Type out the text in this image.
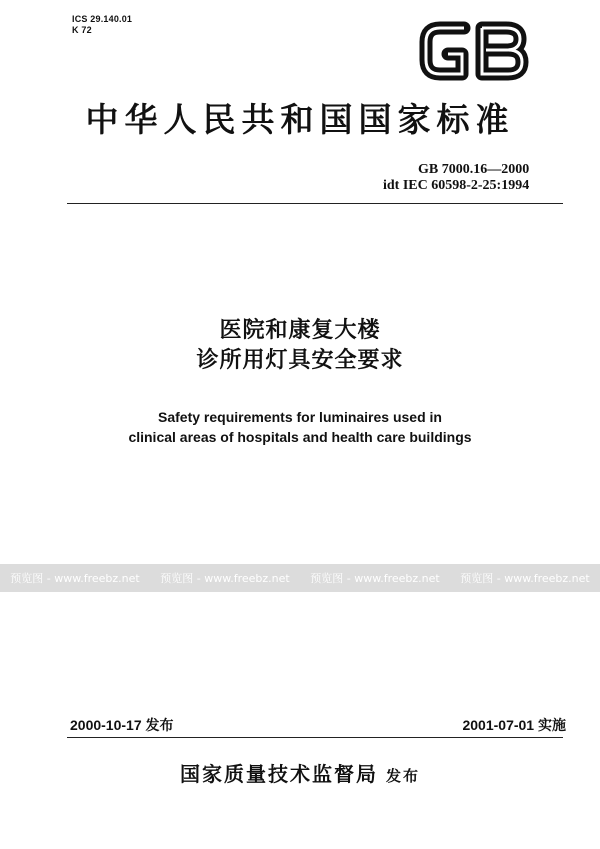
ICS 29.140.01
K 72
中华人民共和国国家标准
GB 7000.16—2000
idt IEC 60598-2-25:1994
医院和康复大楼
诊所用灯具安全要求
Safety requirements for luminaires used in
clinical areas of hospitals and health care buildings
预览图 - www.freebz.net 预览图 - www.freebz.net 预览图 - www.freebz.net 预览图 - www.freebz.net
2000-10-17 发布	2001-07-01 实施
国家质量技术监督局 发布
